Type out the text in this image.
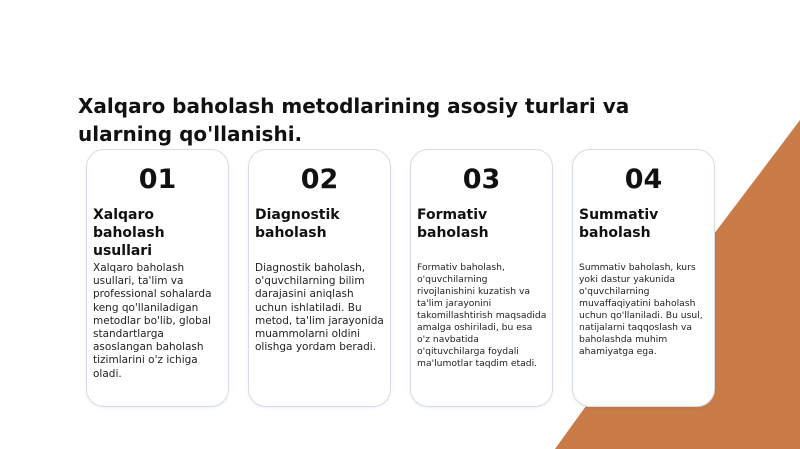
Xalqaro baholash metodlarining asosiy turlari va ularning qo'llanishi.
01
Xalqaro baholash usullari
Xalqaro baholash usullari, ta'lim va professional sohalarda keng qo'llaniladigan metodlar bo'lib, global standartlarga asoslangan baholash tizimlarini o'z ichiga oladi.
02
Diagnostik baholash
Diagnostik baholash, o'quvchilarning bilim darajasini aniqlash uchun ishlatiladi. Bu metod, ta'lim jarayonida muammolarni oldini olishga yordam beradi.
03
Formativ baholash
Formativ baholash, o'quvchilarning rivojlanishini kuzatish va ta'lim jarayonini takomillashtirish maqsadida amalga oshiriladi, bu esa o'z navbatida o'qituvchilarga foydali ma'lumotlar taqdim etadi.
04
Summativ baholash
Summativ baholash, kurs yoki dastur yakunida o'quvchilarning muvaffaqiyatini baholash uchun qo'llaniladi. Bu usul, natijalarni taqqoslash va baholashda muhim ahamiyatga ega.
